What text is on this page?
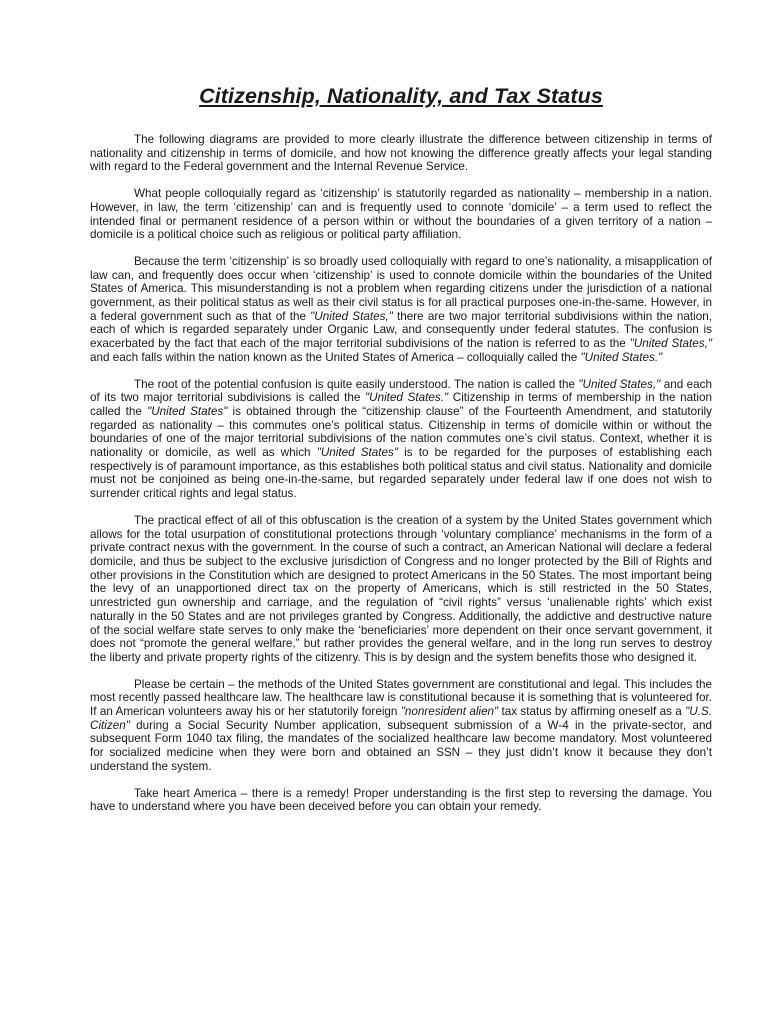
Citizenship, Nationality, and Tax Status

The following diagrams are provided to more clearly illustrate the difference between citizenship in terms of nationality and citizenship in terms of domicile, and how not knowing the difference greatly affects your legal standing with regard to the Federal government and the Internal Revenue Service.

What people colloquially regard as ‘citizenship’ is statutorily regarded as nationality – membership in a nation. However, in law, the term ‘citizenship’ can and is frequently used to connote ‘domicile’ – a term used to reflect the intended final or permanent residence of a person within or without the boundaries of a given territory of a nation – domicile is a political choice such as religious or political party affiliation.

Because the term ‘citizenship’ is so broadly used colloquially with regard to one’s nationality, a misapplication of law can, and frequently does occur when ‘citizenship’ is used to connote domicile within the boundaries of the United States of America. This misunderstanding is not a problem when regarding citizens under the jurisdiction of a national government, as their political status as well as their civil status is for all practical purposes one-in-the-same. However, in a federal government such as that of the "United States," there are two major territorial subdivisions within the nation, each of which is regarded separately under Organic Law, and consequently under federal statutes. The confusion is exacerbated by the fact that each of the major territorial subdivisions of the nation is referred to as the "United States," and each falls within the nation known as the United States of America – colloquially called the "United States."

The root of the potential confusion is quite easily understood. The nation is called the "United States," and each of its two major territorial subdivisions is called the "United States." Citizenship in terms of membership in the nation called the "United States" is obtained through the “citizenship clause” of the Fourteenth Amendment, and statutorily regarded as nationality – this commutes one’s political status. Citizenship in terms of domicile within or without the boundaries of one of the major territorial subdivisions of the nation commutes one’s civil status. Context, whether it is nationality or domicile, as well as which "United States" is to be regarded for the purposes of establishing each respectively is of paramount importance, as this establishes both political status and civil status. Nationality and domicile must not be conjoined as being one-in-the-same, but regarded separately under federal law if one does not wish to surrender critical rights and legal status.

The practical effect of all of this obfuscation is the creation of a system by the United States government which allows for the total usurpation of constitutional protections through ‘voluntary compliance’ mechanisms in the form of a private contract nexus with the government. In the course of such a contract, an American National will declare a federal domicile, and thus be subject to the exclusive jurisdiction of Congress and no longer protected by the Bill of Rights and other provisions in the Constitution which are designed to protect Americans in the 50 States. The most important being the levy of an unapportioned direct tax on the property of Americans, which is still restricted in the 50 States, unrestricted gun ownership and carriage, and the regulation of “civil rights” versus ‘unalienable rights’ which exist naturally in the 50 States and are not privileges granted by Congress. Additionally, the addictive and destructive nature of the social welfare state serves to only make the ‘beneficiaries’ more dependent on their once servant government, it does not “promote the general welfare,” but rather provides the general welfare, and in the long run serves to destroy the liberty and private property rights of the citizenry. This is by design and the system benefits those who designed it.

Please be certain – the methods of the United States government are constitutional and legal. This includes the most recently passed healthcare law. The healthcare law is constitutional because it is something that is volunteered for. If an American volunteers away his or her statutorily foreign "nonresident alien" tax status by affirming oneself as a "U.S. Citizen" during a Social Security Number application, subsequent submission of a W-4 in the private-sector, and subsequent Form 1040 tax filing, the mandates of the socialized healthcare law become mandatory. Most volunteered for socialized medicine when they were born and obtained an SSN – they just didn’t know it because they don’t understand the system.

Take heart America – there is a remedy! Proper understanding is the first step to reversing the damage. You have to understand where you have been deceived before you can obtain your remedy.
